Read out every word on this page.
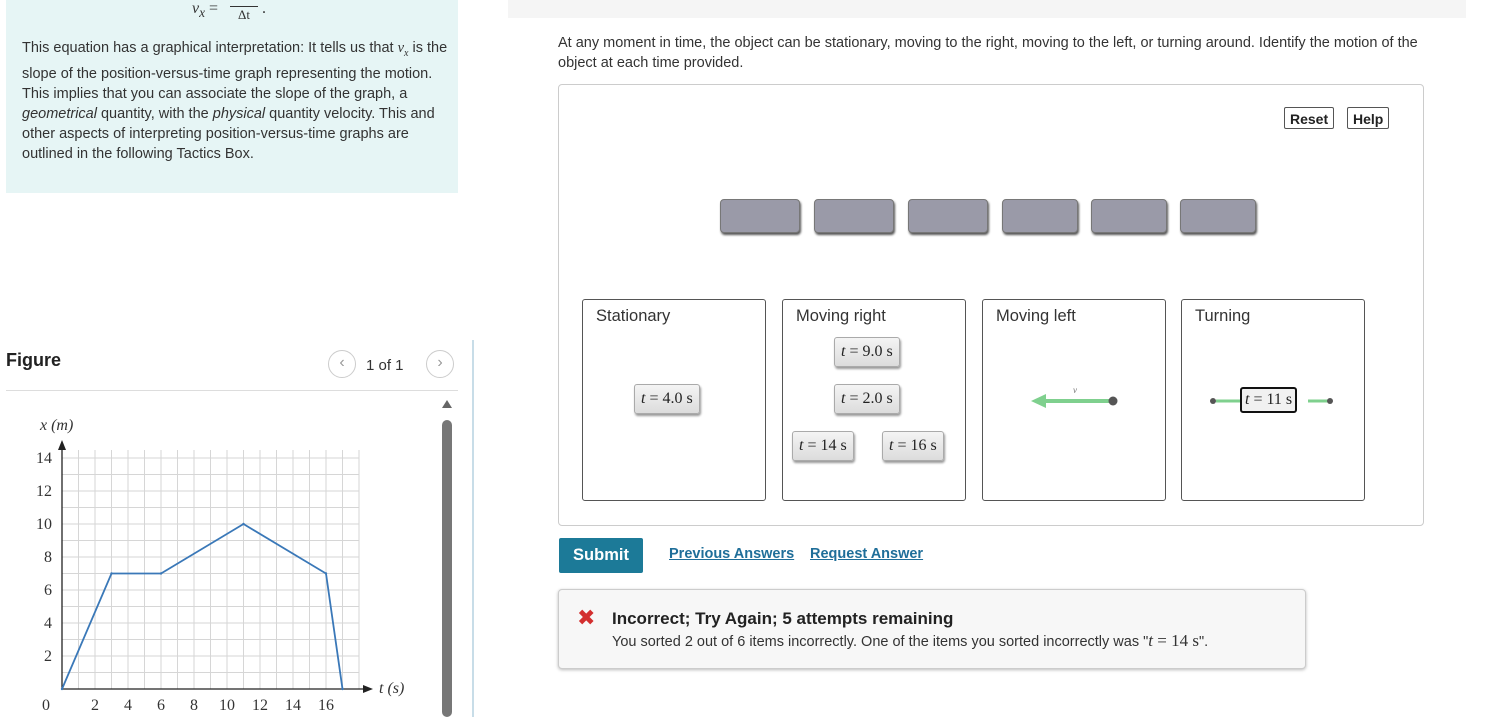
$v_x$ =	Δt .
This equation has a graphical interpretation: It tells us that $v_x$ is the slope of the position-versus-time graph representing the motion. This implies that you can associate the slope of the graph, a geometrical quantity, with the physical quantity velocity. This and other aspects of interpreting position-versus-time graphs are outlined in the following Tactics Box.
Figure	‹	1 of 1	›
2
4
6
8
10
12
14
0	2 4 6 8 10 12 14 16
x (m)
t (s)
At any moment in time, the object can be stationary, moving to the right, moving to the left, or turning around. Identify the motion of the object at each time provided.
Reset	Help
Stationary
t = 4.0 s
Moving right
t = 9.0 s
t = 2.0 s
t = 14 s	t = 16 s
Moving left
v⃗
Turning
t = 11 s
Submit	Previous Answers Request Answer
✖ Incorrect; Try Again; 5 attempts remaining
You sorted 2 out of 6 items incorrectly. One of the items you sorted incorrectly was "t = 14 s".
